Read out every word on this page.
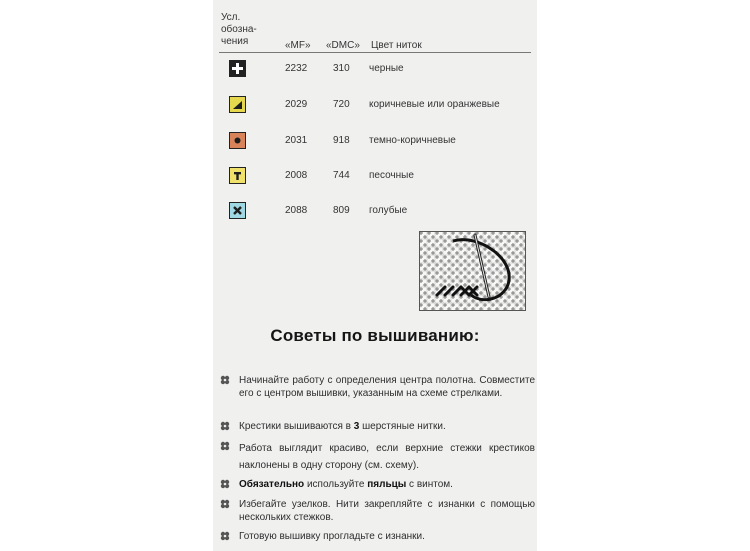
Усл. обозна-
чения	«MF» «DMC» Цвет ниток
2232	310 черные
2029	720 коричневые или оранжевые
2031	918 темно-коричневые
2008	744 песочные
2088	809 голубые
Советы по вышиванию:
Начинайте работу с определения центра полотна. Совместите его с центром вышивки, указанным на схеме стрелками.
Крестики вышиваются в 3 шерстяные нитки.
Работа выглядит красиво, если верхние стежки крестиков наклонены в одну сторону (см. схему).
Обязательно используйте пяльцы с винтом.
Избегайте узелков. Нити закрепляйте с изнанки с помощью нескольких стежков.
Готовую вышивку прогладьте с изнанки.
